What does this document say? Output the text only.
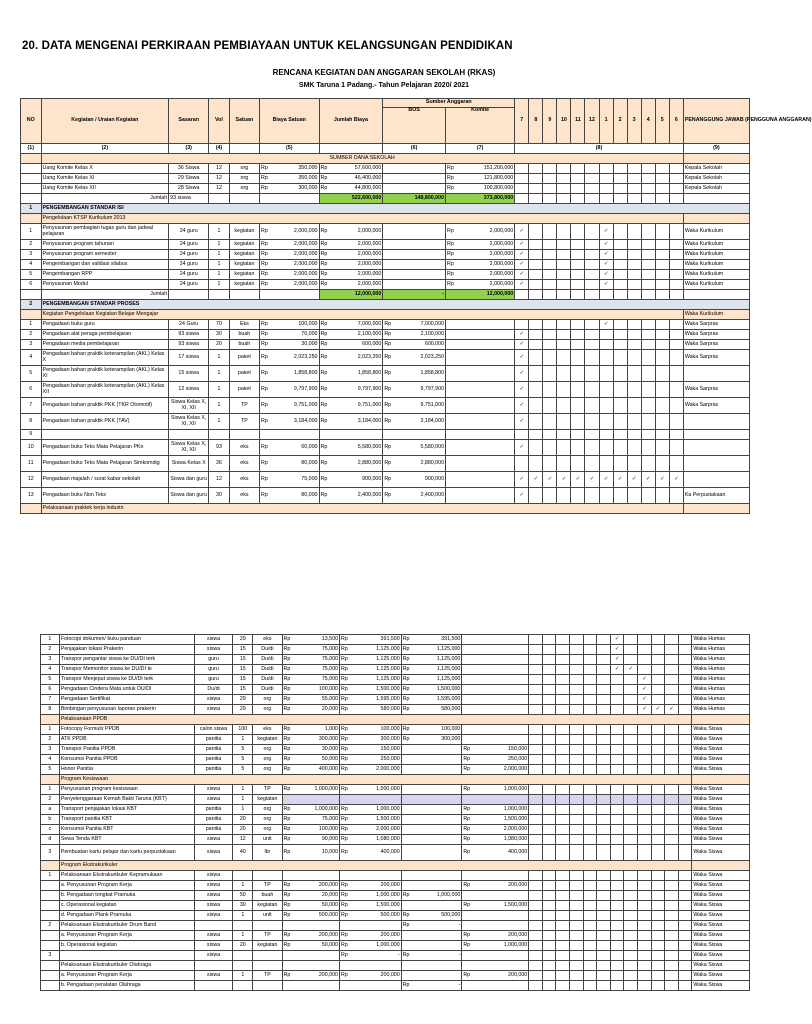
20. DATA MENGENAI PERKIRAAN PEMBIAYAAN UNTUK KELANGSUNGAN PENDIDIKAN
RENCANA KEGIATAN DAN ANGGARAN SEKOLAH (RKAS)
SMK Taruna 1 Padang.- Tahun Pelajaran 2020/ 2021
NO	Kegiatan / Uraian Kegiatan	Sasaran	Vol	Satuan	Biaya Satuan	Jumlah Biaya	Sumber Anggaran		7	8	9	10	11	12	1	2	3	4	5	6	PENANGGUNG JAWAB (PENGGUNA ANGGARAN)
							BOS	Komite													
(1)	(2)	(3)	(4)		(5)		(6)	(7)	(8)												(9)
	SUMBER DANA SEKOLAH																				
	Uang Komite Kelas X	36 Siswa	12	org	Rp 350,000	Rp 57,600,000		Rp 151,200,000													Kepala Sekolah
	Uang Komite Kelas XI	29 Siswa	12	org	Rp 350,000	Rp 46,400,000		Rp 121,800,000													Kepala Sekolah
	Uang Komite Kelas XII	28 Siswa	12	org	Rp 300,000	Rp 44,800,000		Rp 100,800,000													Kepala Sekolah
	Jumlah	93 siswa				522,600,000	148,800,000	373,800,000													
1	PENGEMBANGAN STANDAR ISI																				
	Pengelolaan KTSP Kurikulum 2013																				
1	Penyusunan pembagian tugas guru dan jadwal pelajaran	24 guru	1	kegiatan	Rp 2,000,000	Rp 2,000,000		Rp 2,000,000	✓						✓						Waka Kurikulum
2	Penyusunan program tahunan	24 guru	1	kegiatan	Rp 2,000,000	Rp 2,000,000		Rp 2,000,000	✓						✓						Waka Kurikulum
3	Penyusunan program semester	24 guru	1	kegiatan	Rp 2,000,000	Rp 2,000,000		Rp 2,000,000	✓						✓						Waka Kurikulum
4	Pengembangan dan validasi silabus	24 guru	1	kegiatan	Rp 2,000,000	Rp 2,000,000		Rp 2,000,000	✓						✓						Waka Kurikulum
5	Pengembangan RPP	24 guru	1	kegiatan	Rp 2,000,000	Rp 2,000,000		Rp 2,000,000	✓						✓						Waka Kurikulum
6	Penyusunan Modul	24 guru	1	kegiatan	Rp 2,000,000	Rp 2,000,000		Rp 2,000,000	✓						✓						Waka Kurikulum
	Jumlah					12,000,000	-	12,000,000													
2	PENGEMBANGAN STANDAR PROSES																				
	Kegiatan Pengelolaan Kegiatan Belajar Mengajar																				Waka Kurikulum
1	Pengadaan buku guru	24 Guru	70	Eks	Rp 100,000	Rp 7,000,000	Rp 7,000,000								✓						Waka Sarpras
2	Pengadaan alat peraga pembelajaran	93 siswa	30	buah	Rp 70,000	Rp 2,100,000	Rp 2,100,000		✓												Waka Sarpras
3	Pengadaan media pembelajaran	93 siswa	20	buah	Rp 30,000	Rp 600,000	Rp 600,000		✓												Waka Sarpras
4	Pengadaan bahan praktik keterampilan (AKL) Kelas X	17 siswa	1	paket	Rp 2,023,250	Rp 2,023,250	Rp 2,023,250		✓												Waka Sarpras
5	Pengadaan bahan praktik keterampilan (AKL) Kelas XI	15 siswa	1	paket	Rp 1,858,800	Rp 1,858,800	Rp 1,858,800		✓												
6	Pengadaan bahan praktik keterampilan (AKL) Kelas XII	12 siswa	1	paket	Rp 9,797,900	Rp 9,797,900	Rp 9,797,900		✓												Waka Sarpras
7	Pengadaan bahan praktik PKK (TKR Otomotif)	Siswa Kelas X, XI, XII	1	TP	Rp 9,751,000	Rp 9,751,000	Rp 9,751,000		✓												Waka Sarpras
8	Pengadaan bahan praktik PKK (TAV)	Siswa Kelas X, XI, XII	1	TP	Rp 3,184,000	Rp 3,184,000	Rp 3,184,000		✓												
9																					
10	Pengadaan buku Teks Mata Pelajaran PKn	Siswa Kelas X, XI, XII	93	eks	Rp 60,000	Rp 5,580,000	Rp 5,580,000		✓												
11	Pengadaan buku Teks Mata Pelajaran Simkomdig	Siswa Kelas X	36	eks	Rp 80,000	Rp 2,880,000	Rp 2,880,000														

12	Pengadaan majalah / surat kabar sekolah	Siswa dan guru	12	eks	Rp 75,000	Rp 900,000	Rp 900,000		✓	✓	✓	✓	✓	✓	✓	✓	✓	✓	✓	✓	
13	Pengadaan buku Non Teks	Siswa dan guru	30	eks	Rp 80,000	Rp 2,400,000	Rp 2,400,000		✓												Ka Perpustakaan
	Pelaksanaan praktek kerja industri																				
1	Fotocopi dokumen/ buku panduan	siswa	29	eks	Rp 13,500	Rp 391,500	Rp 391,500								✓						Waka Humas
2	Penjajakan lokasi Prakerin	siswa	15	Du/di	Rp 75,000	Rp 1,125,000	Rp 1,125,000								✓						Waka Humas
3	Transpor pengantar siswa ke DU/DI terk	guru	15	Du/di	Rp 75,000	Rp 1,125,000	Rp 1,125,000								✓						Waka Humas
4	Transpor Memonitor siswa ke DU/DI te	guru	15	Du/di	Rp 75,000	Rp 1,125,000	Rp 1,125,000								✓	✓					Waka Humas
5	Transpor Menjeput siswa ke DU/DI terk	guru	15	Du/di	Rp 75,000	Rp 1,125,000	Rp 1,125,000										✓				Waka Humas
6	Pengadaan Cindera Mata untuk DU/DI	Du/di	15	Du/di	Rp 100,000	Rp 1,500,000	Rp 1,500,000										✓				Waka Humas
7	Pengadaan Sertifikat	siswa	29	org	Rp 55,000	Rp 1,595,000	Rp 1,595,000										✓				Waka Humas
8	Bimbingan penyusunan laporan prakerin	siswa	29	org	Rp 20,000	Rp 580,000	Rp 580,000										✓	✓	✓		Waka Humas
	Pelaksanaan PPDB																				
1	Fotocopy Formulir PPDB	calon siswa	100	eks	Rp 1,000	Rp 100,000	Rp 100,000														Waka Siswa
2	ATK PPDB	panitia	1	kegiatan	Rp 300,000	Rp 300,000	Rp 300,000														Waka Siswa
3	Transpor Panitia PPDB	panitia	5	org	Rp 30,000	Rp 150,000		Rp 150,000													Waka Siswa
4	Konsumsi Panitia PPDB	panitia	5	org	Rp 50,000	Rp 250,000		Rp 250,000													Waka Siswa
5	Honor Panitia	panitia	5	org	Rp 400,000	Rp 2,000,000		Rp 2,000,000													Waka Siswa
	Program Kesiswaan																				
1	Penyusunan program kesiswaan	siswa	1	TP	Rp 1,000,000	Rp 1,000,000		Rp 1,000,000													Waka Siswa
2	Penyelenggaraan Kemah Bakti Taruna (KBT)	siswa	1	kegiatan																	Waka Siswa
a	Transport penjajakan lokasi KBT	panitia	1	org	Rp 1,000,000	Rp 1,000,000		Rp 1,000,000													Waka Siswa
b	Transport panitia KBT	panitia	20	org	Rp 75,000	Rp 1,500,000		Rp 1,500,000													Waka Siswa
c	Konsumsi Panitia KBT	panitia	20	org	Rp 100,000	Rp 2,000,000		Rp 2,000,000													Waka Siswa
d	Sewa Tenda KBT	siswa	12	unit	Rp 90,000	Rp 1,080,000		Rp 1,080,000													Waka Siswa
3	Pembuatan kartu pelajar dan kartu perpustakaan	siswa	40	lbr	Rp 10,000	Rp 400,000		Rp 400,000													Waka Siswa
	Program Ekstrakurikuler																				
1	Pelaksanaan Ekstrakurikuler Kepramukaan	siswa																			Waka Siswa
	a. Penyusunan Program Kerja	siswa	1	TP	Rp 200,000	Rp 200,000		Rp 200,000													Waka Siswa
	b. Pengadaan tongkat Pramuka	siswa	50	buah	Rp 20,000	Rp 1,000,000	Rp 1,000,000														Waka Siswa
	c. Operasional kegiatan	siswa	30	kegiatan	Rp 50,000	Rp 1,500,000		Rp 1,500,000													Waka Siswa
	d. Pengadaan Plank Pramuka	siswa	1	unit	Rp 500,000	Rp 500,000	Rp 500,000														Waka Siswa
2	Pelaksanaan Ekstrakurikuler Drum Band						Rp -														Waka Siswa
	a. Penyusunan Program Kerja	siswa	1	TP	Rp 200,000	Rp 200,000		Rp 200,000													Waka Siswa
	b. Operasional kegiatan	siswa	20	kegiatan	Rp 50,000	Rp 1,000,000		Rp 1,000,000													Waka Siswa
3		siswa				Rp -	Rp -														Waka Siswa
	Pelaksanaan Ekstrakurikuler Olahraga																				Waka Siswa
	a. Penyusunan Program Kerja	siswa	1	TP	Rp 200,000	Rp 200,000		Rp 200,000													Waka Siswa
	b. Pengadaan peralatan Olahraga						Rp -														Waka Siswa
